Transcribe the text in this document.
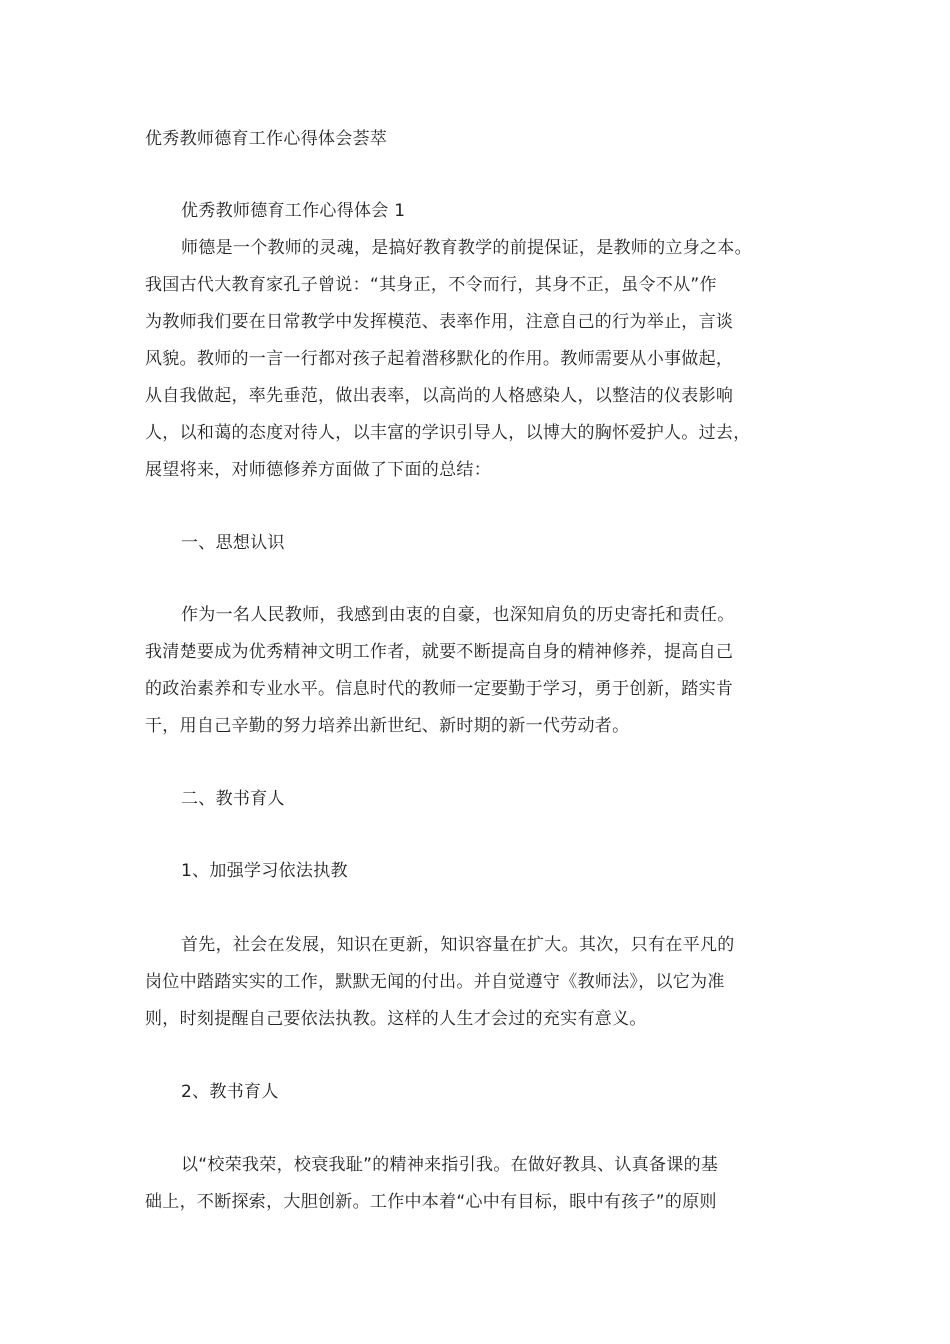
优秀教师德育工作心得体会荟萃
优秀教师德育工作心得体会 1
师德是一个教师的灵魂，是搞好教育教学的前提保证，是教师的立身之本。
我国古代大教育家孔子曾说：“其身正，不令而行，其身不正，虽令不从”作
为教师我们要在日常教学中发挥模范、表率作用，注意自己的行为举止，言谈
风貌。教师的一言一行都对孩子起着潜移默化的作用。教师需要从小事做起，
从自我做起，率先垂范，做出表率，以高尚的人格感染人，以整洁的仪表影响
人，以和蔼的态度对待人，以丰富的学识引导人，以博大的胸怀爱护人。过去，
展望将来，对师德修养方面做了下面的总结：
一、思想认识
作为一名人民教师，我感到由衷的自豪，也深知肩负的历史寄托和责任。
我清楚要成为优秀精神文明工作者，就要不断提高自身的精神修养，提高自己
的政治素养和专业水平。信息时代的教师一定要勤于学习，勇于创新，踏实肯
干，用自己辛勤的努力培养出新世纪、新时期的新一代劳动者。
二、教书育人
1、加强学习依法执教
首先，社会在发展，知识在更新，知识容量在扩大。其次，只有在平凡的
岗位中踏踏实实的工作，默默无闻的付出。并自觉遵守《教师法》，以它为准
则，时刻提醒自己要依法执教。这样的人生才会过的充实有意义。
2、教书育人
以“校荣我荣，校衰我耻”的精神来指引我。在做好教具、认真备课的基
础上，不断探索，大胆创新。工作中本着“心中有目标，眼中有孩子”的原则
